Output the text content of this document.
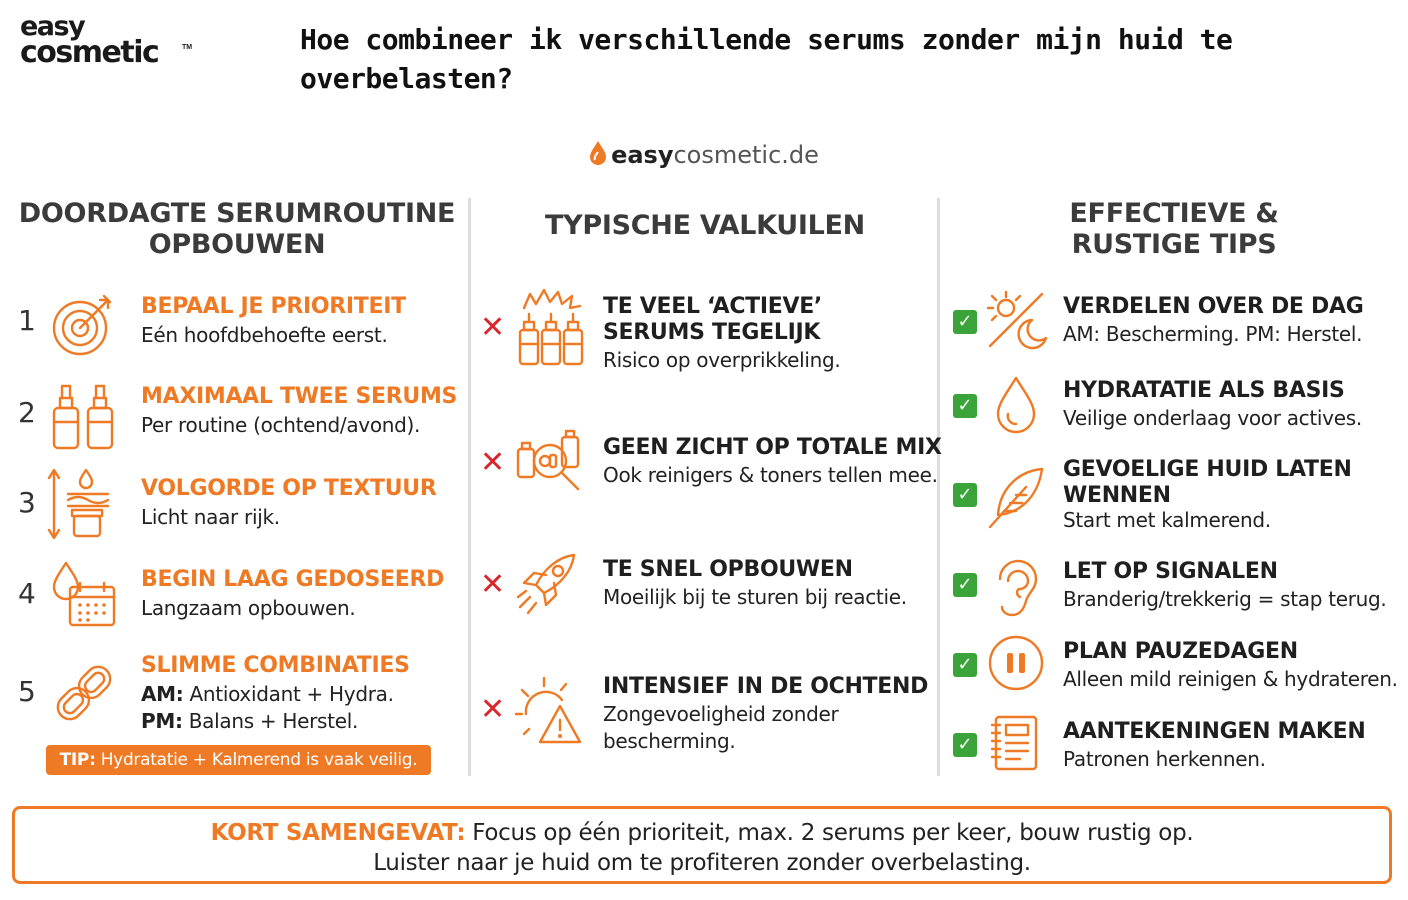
easy
cosmetic	TM	Hoe combineer ik verschillende serums zonder mijn huid te overbelasten?
easycosmetic.de
DOORDAGTE SERUMROUTINE
OPBOUWEN
1	BEPAAL JE PRIORITEIT
Eén hoofdbehoefte eerst.
2	MAXIMAAL TWEE SERUMS
Per routine (ochtend/avond).
3	VOLGORDE OP TEXTUUR
Licht naar rijk.
4	BEGIN LAAG GEDOSEERD
Langzaam opbouwen.
5
SLIMME COMBINATIES
AM: Antioxidant + Hydra.
PM: Balans + Herstel.
TIP: Hydratatie + Kalmerend is vaak veilig.
TYPISCHE VALKUILEN
✕
TE VEEL ‘ACTIEVE’
SERUMS TEGELIJK
Risico op overprikkeling.
✕	GEEN ZICHT OP TOTALE MIX
Ook reinigers & toners tellen mee.
✕	TE SNEL OPBOUWEN
Moeilijk bij te sturen bij reactie.
✕
INTENSIEF IN DE OCHTEND
Zongevoeligheid zonder
bescherming.
EFFECTIEVE &
RUSTIGE TIPS
✓
VERDELEN OVER DE DAG
AM: Bescherming. PM: Herstel.
✓
HYDRATATIE ALS BASIS
Veilige onderlaag voor actives.
✓
GEVOELIGE HUID LATEN
WENNEN
Start met kalmerend.
✓
LET OP SIGNALEN
Branderig/trekkerig = stap terug.
✓
PLAN PAUZEDAGEN
Alleen mild reinigen & hydrateren.
✓
AANTEKENINGEN MAKEN
Patronen herkennen.
KORT SAMENGEVAT: Focus op één prioriteit, max. 2 serums per keer, bouw rustig op.
Luister naar je huid om te profiteren zonder overbelasting.
